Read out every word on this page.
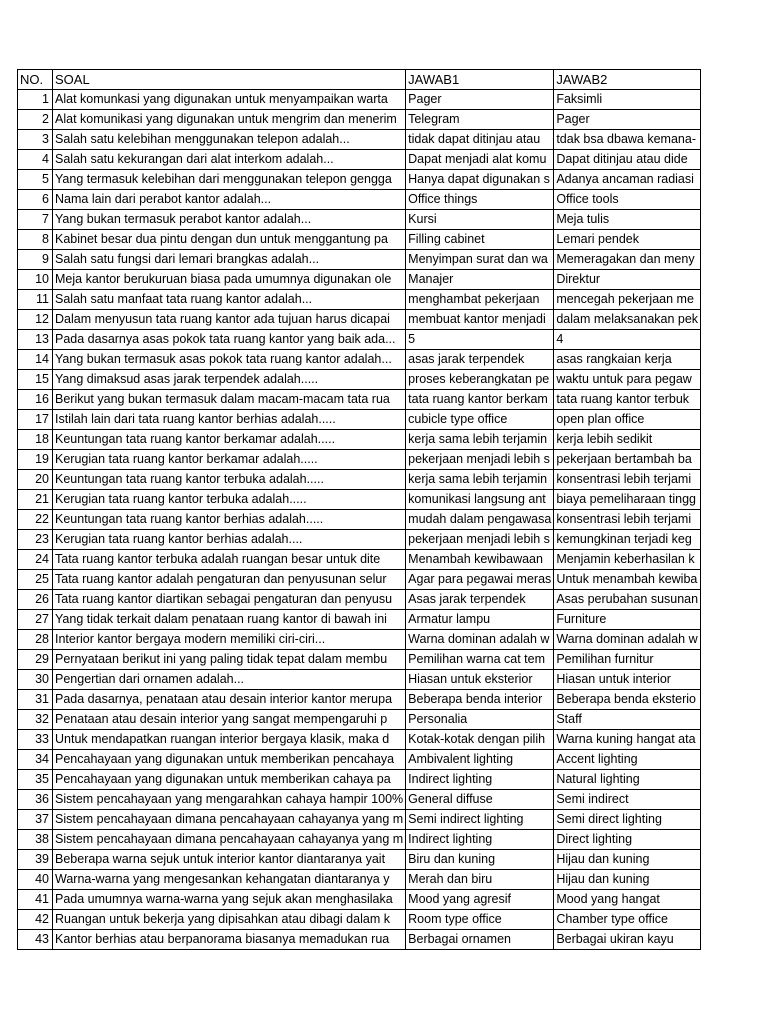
NO.	SOAL	JAWAB1	JAWAB2
1	Alat komunkasi yang digunakan untuk menyampaikan warta	Pager	Faksimli
2	Alat komunikasi yang digunakan untuk mengrim dan menerim	Telegram	Pager
3	Salah satu kelebihan menggunakan telepon adalah...	tidak dapat ditinjau atau	tdak bsa dbawa kemana-
4	Salah satu kekurangan dari alat interkom adalah...	Dapat menjadi alat komu	Dapat ditinjau atau dide
5	Yang termasuk kelebihan dari menggunakan telepon gengga	Hanya dapat digunakan s	Adanya ancaman radiasi
6	Nama lain dari perabot kantor adalah...	Office things	Office tools
7	Yang bukan termasuk perabot kantor adalah...	Kursi	Meja tulis
8	Kabinet besar dua pintu dengan dun untuk menggantung pa	Filling cabinet	Lemari pendek
9	Salah satu fungsi dari lemari brangkas adalah...	Menyimpan surat dan wa	Memeragakan dan meny
10	Meja kantor berukuruan biasa pada umumnya digunakan ole	Manajer	Direktur
11	Salah satu manfaat tata ruang kantor adalah...	menghambat pekerjaan	mencegah pekerjaan me
12	Dalam menyusun tata ruang kantor ada tujuan harus dicapai	membuat kantor menjadi	dalam melaksanakan pek
13	Pada dasarnya asas pokok tata ruang kantor yang baik ada...	5	4
14	Yang bukan termasuk asas pokok tata ruang kantor adalah...	asas jarak terpendek	asas rangkaian kerja
15	Yang dimaksud asas jarak terpendek adalah.....	proses keberangkatan pe	waktu untuk para pegaw
16	Berikut yang bukan termasuk dalam macam-macam tata rua	tata ruang kantor berkam	tata ruang kantor terbuk
17	Istilah lain dari tata ruang kantor berhias adalah.....	cubicle type office	open plan office
18	Keuntungan tata ruang kantor berkamar adalah.....	kerja sama lebih terjamin	kerja lebih sedikit
19	Kerugian tata ruang kantor berkamar adalah.....	pekerjaan menjadi lebih s	pekerjaan bertambah ba
20	Keuntungan tata ruang kantor terbuka adalah.....	kerja sama lebih terjamin	konsentrasi lebih terjami
21	Kerugian tata ruang kantor terbuka adalah.....	komunikasi langsung ant	biaya pemeliharaan tingg
22	Keuntungan tata ruang kantor berhias adalah.....	mudah dalam pengawasa	konsentrasi lebih terjami
23	Kerugian tata ruang kantor berhias adalah....	pekerjaan menjadi lebih s	kemungkinan terjadi keg
24	Tata ruang kantor terbuka adalah ruangan besar untuk dite	Menambah kewibawaan	Menjamin keberhasilan k
25	Tata ruang kantor adalah pengaturan dan penyusunan selur	Agar para pegawai meras	Untuk menambah kewiba
26	Tata ruang kantor diartikan sebagai pengaturan dan penyusu	Asas jarak terpendek	Asas perubahan susunan
27	Yang tidak terkait dalam penataan ruang kantor di bawah ini	Armatur lampu	Furniture
28	Interior kantor bergaya modern memiliki ciri-ciri...	Warna dominan adalah w	Warna dominan adalah w
29	Pernyataan berikut ini yang paling tidak tepat dalam membu	Pemilihan warna cat tem	Pemilihan furnitur
30	Pengertian dari ornamen adalah...	Hiasan untuk eksterior	Hiasan untuk interior
31	Pada dasarnya, penataan atau desain interior kantor merupa	Beberapa benda interior	Beberapa benda eksterio
32	Penataan atau desain interior yang sangat mempengaruhi p	Personalia	Staff
33	Untuk mendapatkan ruangan interior bergaya klasik, maka d	Kotak-kotak dengan pilih	Warna kuning hangat ata
34	Pencahayaan yang digunakan untuk memberikan pencahaya	Ambivalent lighting	Accent lighting
35	Pencahayaan yang digunakan untuk memberikan cahaya pa	Indirect lighting	Natural lighting
36	Sistem pencahayaan yang mengarahkan cahaya hampir 100%	General diffuse	Semi indirect
37	Sistem pencahayaan dimana pencahayaan cahayanya yang m	Semi indirect lighting	Semi direct lighting
38	Sistem pencahayaan dimana pencahayaan cahayanya yang m	Indirect lighting	Direct lighting
39	Beberapa warna sejuk untuk interior kantor diantaranya yait	Biru dan kuning	Hijau dan kuning
40	Warna-warna yang mengesankan kehangatan diantaranya y	Merah dan biru	Hijau dan kuning
41	Pada umumnya warna-warna yang sejuk akan menghasilaka	Mood yang agresif	Mood yang hangat
42	Ruangan untuk bekerja yang dipisahkan atau dibagi dalam k	Room type office	Chamber type office
43	Kantor berhias atau berpanorama biasanya memadukan rua	Berbagai ornamen	Berbagai ukiran kayu
